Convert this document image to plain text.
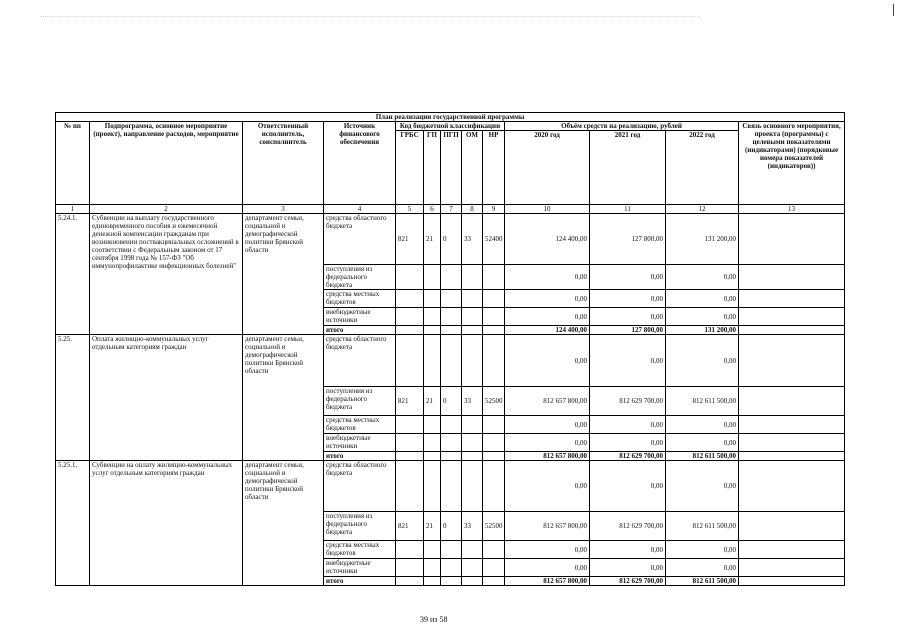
План реализации государственной программы												
№ пп	Подпрограмма, основное мероприятие (проект), направление расходов, мероприятие	Ответственный исполнитель, соисполнитель	Источник финансового обеспечения	Код бюджетной классификации					Объём средств на реализацию, рублей			Связь основного мероприятия, проекта (программы) с целевыми показателями (индикаторами) (порядковые номера показателей (индикаторов))
				ГРБС	ГП	ПГП	ОМ	НР	2020 год	2021 год	2022 год	
1	2	3	4	5	6	7	8	9	10	11	12	13
5.24.1.	Субвенции на выплату государственного единовременного пособия и ежемесячной денежной компенсации гражданам при возникновении поствакцинальных осложнений в соответствии с Федеральным законом от 17 сентября 1998 года № 157-ФЗ "Об иммунопрофилактике инфекционных болезней"	департамент семьи, социальной и демографической политики Брянской области	средства областного бюджета	821	21	0	33	52400	124 400,00	127 800,00	131 200,00	
			поступления из федерального бюджета						0,00	0,00	0,00	
			средства местных бюджетов						0,00	0,00	0,00	
			внебюджетные источники						0,00	0,00	0,00	
			итого						124 400,00	127 800,00	131 200,00	
5.25.	Оплата жилищно-коммунальных услуг отдельным категориям граждан	департамент семьи, социальной и демографической политики Брянской области	средства областного бюджета						0,00	0,00	0,00	
			поступления из федерального бюджета	821	21	0	33	52500	812 657 800,00	812 629 700,00	812 611 500,00	
			средства местных бюджетов						0,00	0,00	0,00	
			внебюджетные источники						0,00	0,00	0,00	
			итого						812 657 800,00	812 629 700,00	812 611 500,00	
5.25.1.	Субвенции на оплату жилищно-коммунальных услуг отдельным категориям граждан	департамент семьи, социальной и демографической политики Брянской области	средства областного бюджета						0,00	0,00	0,00	
			поступления из федерального бюджета	821	21	0	33	52500	812 657 800,00	812 629 700,00	812 611 500,00	
			средства местных бюджетов						0,00	0,00	0,00	
			внебюджетные источники						0,00	0,00	0,00	
			итого						812 657 800,00	812 629 700,00	812 611 500,00	
39 из 58
